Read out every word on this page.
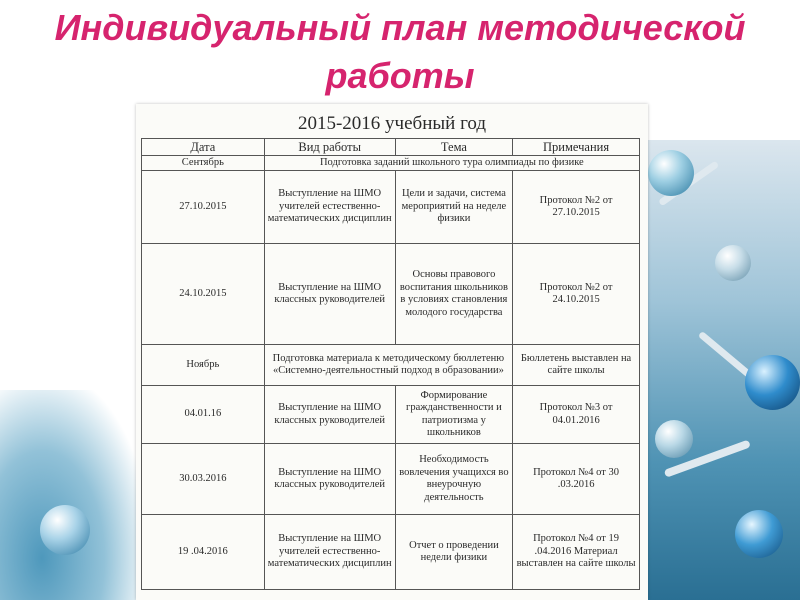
Индивидуальный план методической работы
2015-2016 учебный год
Дата	Вид работы	Тема	Примечания
Сентябрь	Подготовка заданий школьного тура олимпиады по физике		
27.10.2015	Выступление на ШМО учителей естественно-математических дисциплин	Цели и задачи, система мероприятий на неделе физики	Протокол №2 от 27.10.2015
24.10.2015	Выступление на ШМО классных руководителей	Основы правового воспитания школьников в условиях становления молодого государства	Протокол №2 от 24.10.2015
Ноябрь	Подготовка материала к методическому бюллетеню «Системно-деятельностный подход в образовании»		Бюллетень выставлен на сайте школы
04.01.16	Выступление на ШМО классных руководителей	Формирование гражданственности и патриотизма у школьников	Протокол №3 от 04.01.2016
30.03.2016	Выступление на ШМО классных руководителей	Необходимость вовлечения учащихся во внеурочную деятельность	Протокол №4 от 30 .03.2016
19 .04.2016	Выступление на ШМО учителей естественно-математических дисциплин	Отчет о проведении недели физики	Протокол №4 от 19 .04.2016 Материал выставлен на сайте школы
